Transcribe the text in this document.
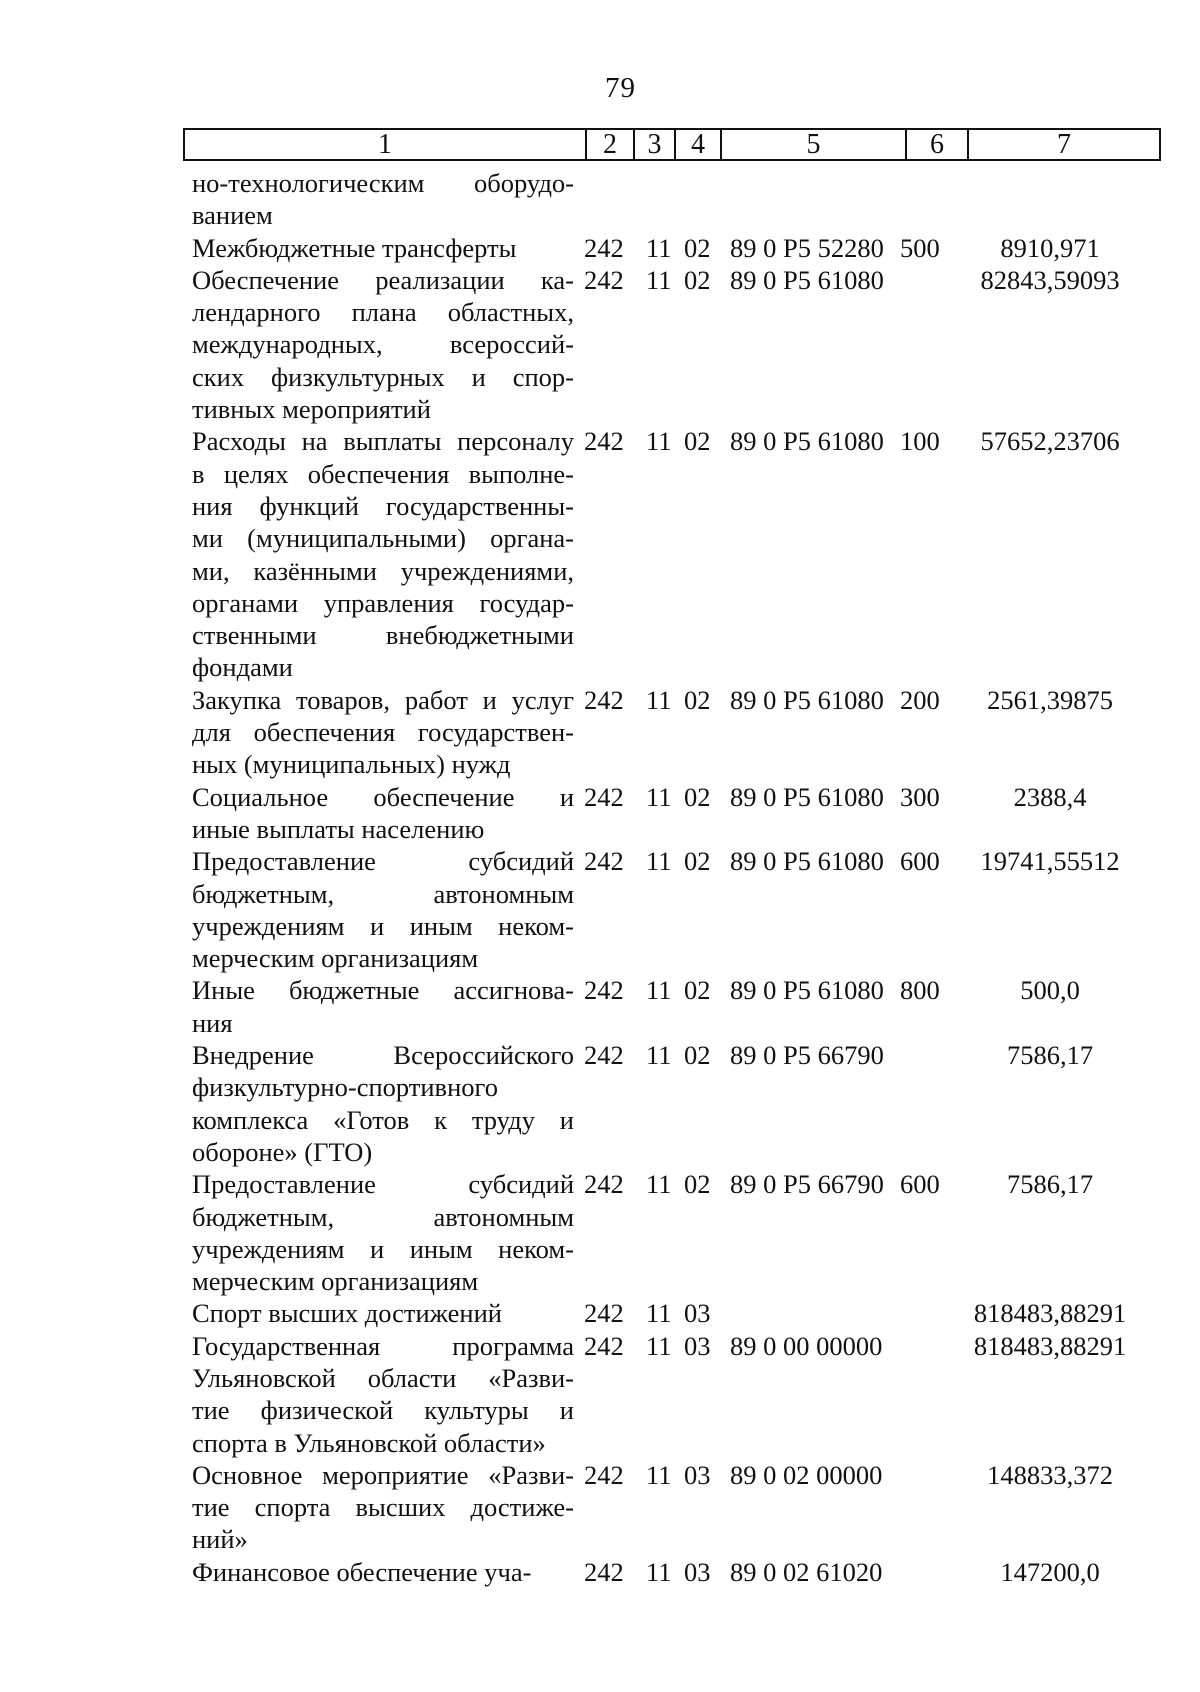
79
1	2	3	4	5	6	7
но-технологическим оборудо-
ванием
Межбюджетные трансферты	242 11 02 89 0 Р5 52280 500	8910,971
Обеспечение реализации ка-
лендарного плана областных,
международных, всероссий-
ских физкультурных и спор-
тивных мероприятий
242 11 02 89 0 Р5 61080	82843,59093
Расходы на выплаты персоналу
в целях обеспечения выполне-
ния функций государственны-
ми (муниципальными) органа-
ми, казёнными учреждениями,
органами управления государ-
ственными внебюджетными
фондами
242 11 02 89 0 Р5 61080 100	57652,23706
Закупка товаров, работ и услуг
для обеспечения государствен-
ных (муниципальных) нужд
242 11 02 89 0 Р5 61080 200	2561,39875
Социальное обеспечение и
иные выплаты населению
242 11 02 89 0 Р5 61080 300	2388,4
Предоставление субсидий
бюджетным, автономным
учреждениям и иным неком-
мерческим организациям
242 11 02 89 0 Р5 61080 600	19741,55512
Иные бюджетные ассигнова-
ния
242 11 02 89 0 Р5 61080 800	500,0
Внедрение Всероссийского
физкультурно-спортивного
комплекса «Готов к труду и
обороне» (ГТО)
242 11 02 89 0 Р5 66790	7586,17
Предоставление субсидий
бюджетным, автономным
учреждениям и иным неком-
мерческим организациям
242 11 02 89 0 Р5 66790 600	7586,17
Спорт высших достижений	242 11 03	818483,88291
Государственная программа
Ульяновской области «Разви-
тие физической культуры и
спорта в Ульяновской области»
242 11 03 89 0 00 00000	818483,88291
Основное мероприятие «Разви-
тие спорта высших достиже-
ний»
242 11 03 89 0 02 00000	148833,372
Финансовое обеспечение уча-	242 11 03 89 0 02 61020	147200,0
